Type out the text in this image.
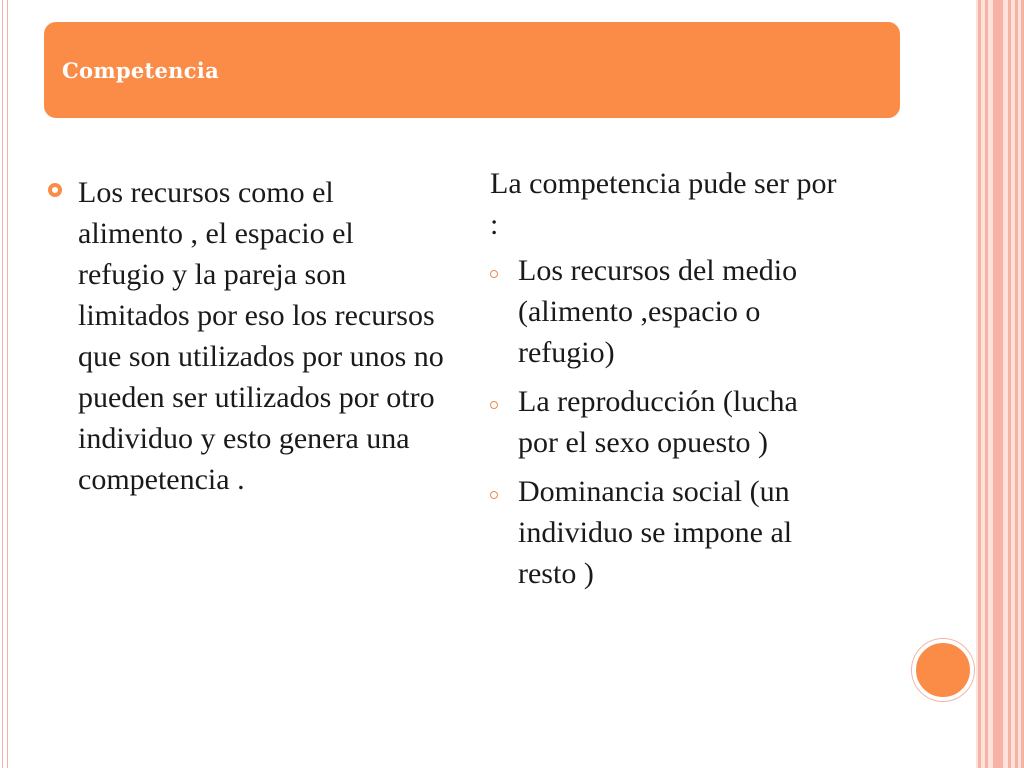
Competencia
Los recursos como el alimento , el espacio el refugio y la pareja son limitados por eso los recursos que son utilizados por unos no pueden ser utilizados por otro individuo y esto genera una competencia .
La competencia pude ser por :
Los recursos del medio (alimento ,espacio o refugio)
La reproducción (lucha por el sexo opuesto )
Dominancia social (un individuo se impone al resto )
